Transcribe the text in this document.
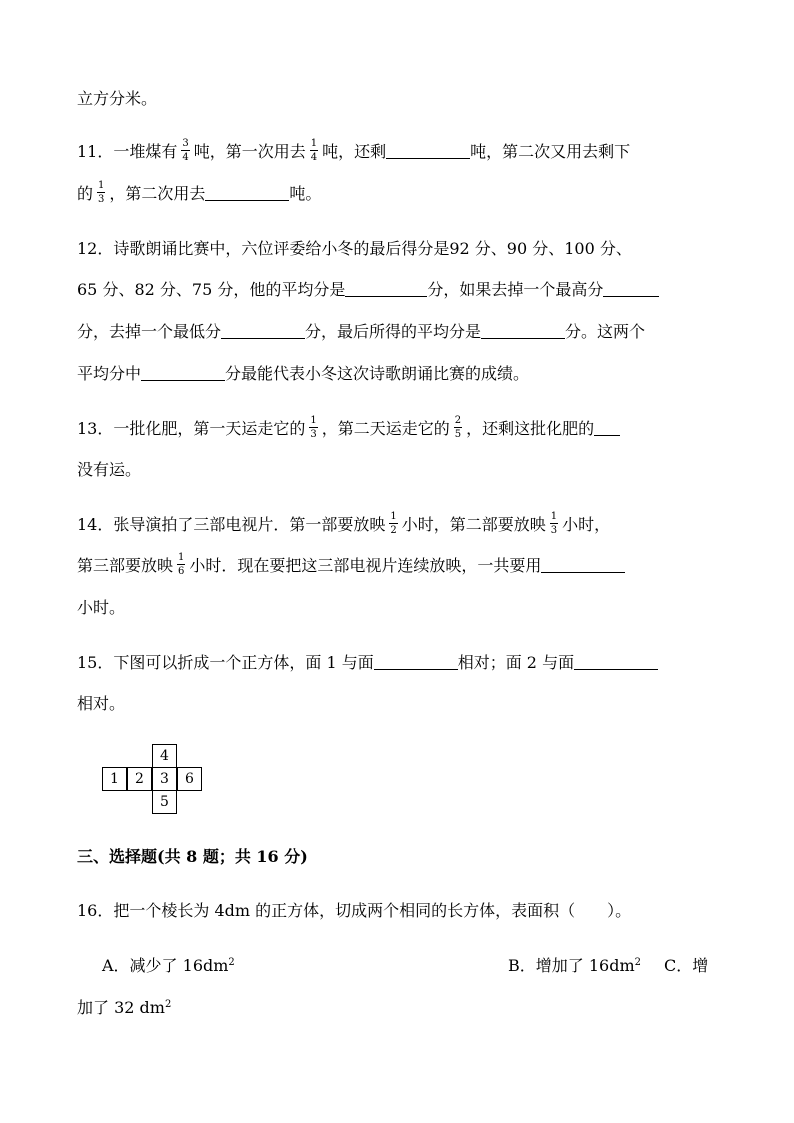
立方分米。
11．一堆煤有 $\frac{3}{4}$ 吨，第一次用去 $\frac{1}{4}$ 吨，还剩	吨，第二次又用去剩下
的 $\frac{1}{3}$ ，第二次用去	吨。
12．诗歌朗诵比赛中，六位评委给小冬的最后得分是92 分、90 分、100 分、
65 分、82 分、75 分，他的平均分是	分，如果去掉一个最高分
分，去掉一个最低分	分，最后所得的平均分是	分。这两个
平均分中	分最能代表小冬这次诗歌朗诵比赛的成绩。
13．一批化肥，第一天运走它的 $\frac{1}{3}$ ，第二天运走它的 $\frac{2}{5}$ ，还剩这批化肥的
没有运。
14．张导演拍了三部电视片．第一部要放映 $\frac{1}{2}$ 小时，第二部要放映 $\frac{1}{3}$ 小时，
第三部要放映 $\frac{1}{6}$ 小时．现在要把这三部电视片连续放映，一共要用
小时。
15．下图可以折成一个正方体，面 1 与面	相对；面 2 与面
相对。
4
1	2	3	6
5
三、选择题(共 8 题；共 16 分)
16．把一个棱长为 4dm 的正方体，切成两个相同的长方体，表面积（　　）。
A．减少了 $16dm^2$	B．增加了 $16dm^2$ C．增
加了 32 $dm^2$
